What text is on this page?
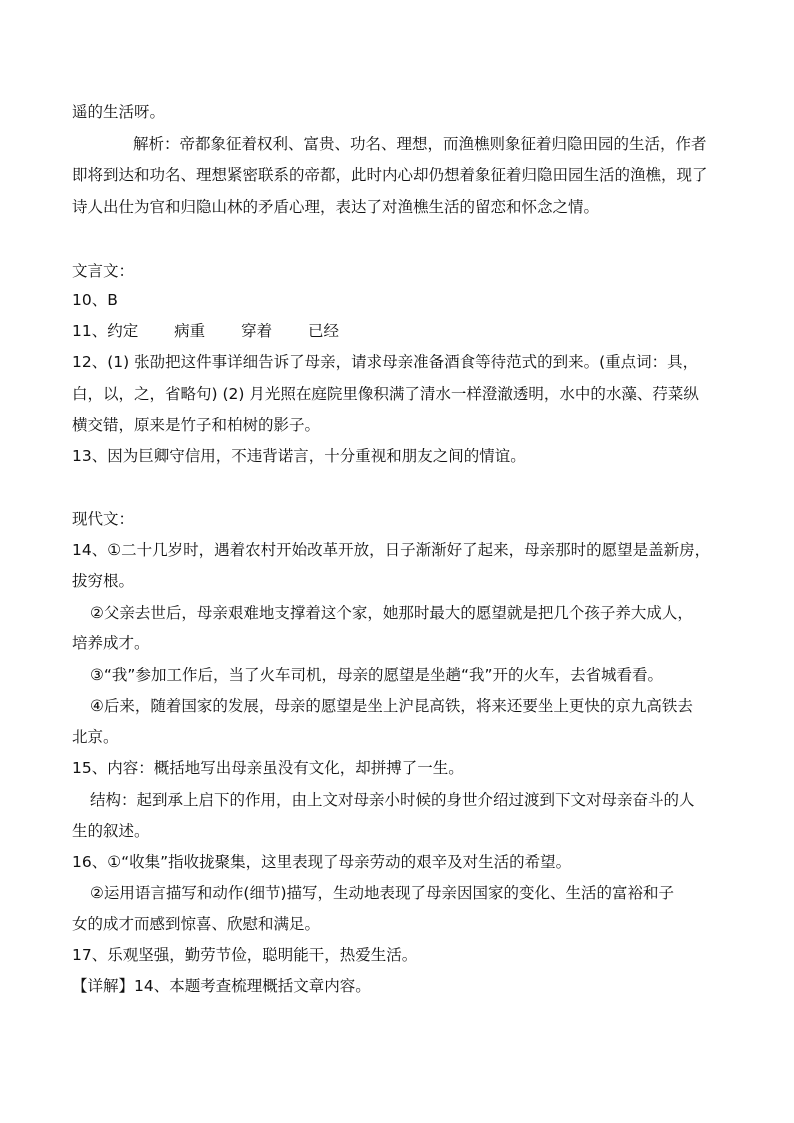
遥的生活呀。
解析：帝都象征着权利、富贵、功名、理想，而渔樵则象征着归隐田园的生活，作者
即将到达和功名、理想紧密联系的帝都，此时内心却仍想着象征着归隐田园生活的渔樵，现了
诗人出仕为官和归隐山林的矛盾心理，表达了对渔樵生活的留恋和怀念之情。
文言文：
10、B
11、约定　　 病重　　 穿着　　 已经
12、(1) 张劭把这件事详细告诉了母亲，请求母亲准备酒食等待范式的到来。(重点词：具，
白，以，之，省略句) (2) 月光照在庭院里像积满了清水一样澄澈透明，水中的水藻、荇菜纵
横交错，原来是竹子和柏树的影子。
13、因为巨卿守信用，不违背诺言，十分重视和朋友之间的情谊。
现代文：
14、①二十几岁时，遇着农村开始改革开放，日子渐渐好了起来，母亲那时的愿望是盖新房，
拔穷根。
②父亲去世后，母亲艰难地支撑着这个家，她那时最大的愿望就是把几个孩子养大成人，
培养成才。
③“我”参加工作后，当了火车司机，母亲的愿望是坐趟“我”开的火车，去省城看看。
④后来，随着国家的发展，母亲的愿望是坐上沪昆高铁，将来还要坐上更快的京九高铁去
北京。
15、内容：概括地写出母亲虽没有文化，却拼搏了一生。
结构：起到承上启下的作用，由上文对母亲小时候的身世介绍过渡到下文对母亲奋斗的人
生的叙述。
16、①“收集”指收拢聚集，这里表现了母亲劳动的艰辛及对生活的希望。
②运用语言描写和动作(细节)描写，生动地表现了母亲因国家的变化、生活的富裕和子
女的成才而感到惊喜、欣慰和满足。
17、乐观坚强，勤劳节俭，聪明能干，热爱生活。
【详解】14、本题考查梳理概括文章内容。
